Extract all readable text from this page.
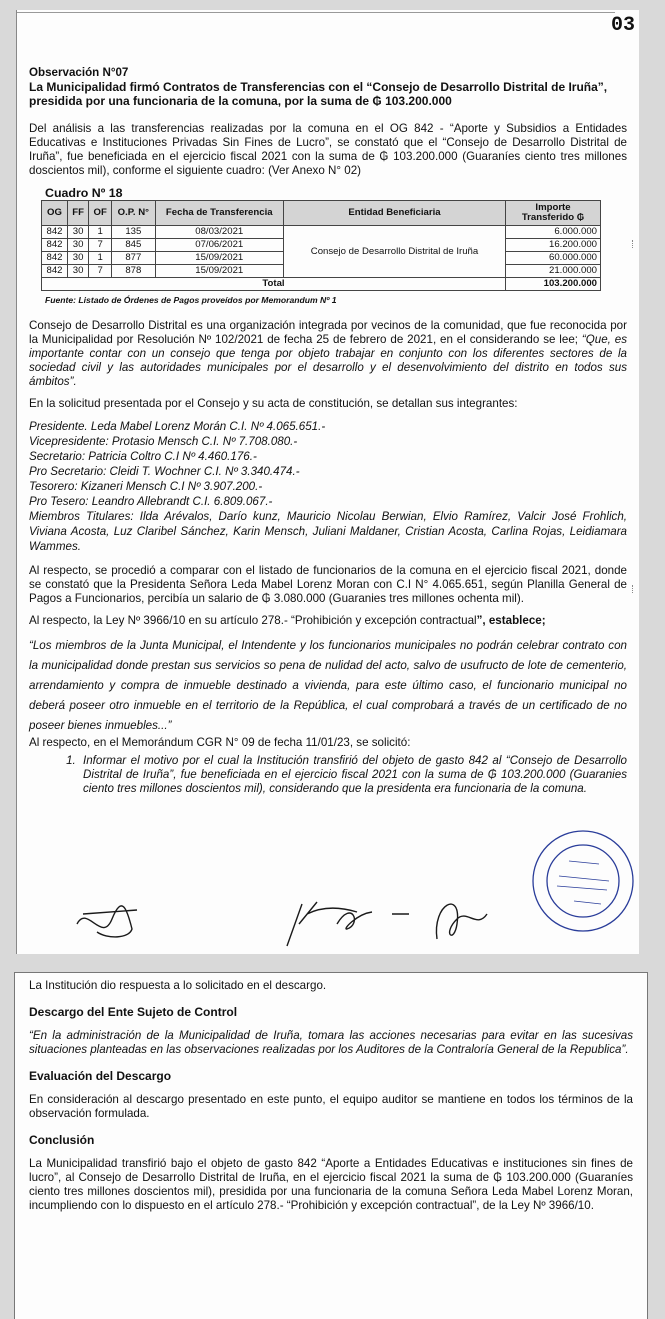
03
Observación N°07
La Municipalidad firmó Contratos de Transferencias con el “Consejo de Desarrollo Distrital de Iruña”, presidida por una funcionaria de la comuna, por la suma de ₲ 103.200.000

Del análisis a las transferencias realizadas por la comuna en el OG 842 - “Aporte y Subsidios a Entidades Educativas e Instituciones Privadas Sin Fines de Lucro”, se constató que el “Consejo de Desarrollo Distrital de Iruña”, fue beneficiada en el ejercicio fiscal 2021 con la suma de ₲ 103.200.000 (Guaraníes ciento tres millones doscientos mil), conforme el siguiente cuadro: (Ver Anexo N° 02)

Cuadro Nº 18
OG	FF	OF	O.P. N°	Fecha de Transferencia	Entidad Beneficiaria	Importe Transferido ₲
842	30	1	135	08/03/2021	Consejo de Desarrollo Distrital de Iruña	6.000.000
842	30	7	845	07/06/2021		16.200.000
842	30	1	877	15/09/2021		60.000.000
842	30	7	878	15/09/2021		21.000.000
Total						103.200.000
Fuente: Listado de Órdenes de Pagos proveídos por Memorandum Nº 1

Consejo de Desarrollo Distrital es una organización integrada por vecinos de la comunidad, que fue reconocida por la Municipalidad por Resolución Nº 102/2021 de fecha 25 de febrero de 2021, en el considerando se lee; “Que, es importante contar con un consejo que tenga por objeto trabajar en conjunto con los diferentes sectores de la sociedad civil y las autoridades municipales por el desarrollo y el desenvolvimiento del distrito en todos sus ámbitos”.

En la solicitud presentada por el Consejo y su acta de constitución, se detallan sus integrantes:

Presidente. Leda Mabel Lorenz Morán C.I. Nº 4.065.651.-

Vicepresidente: Protasio Mensch C.I. Nº 7.708.080.-

Secretario: Patricia Coltro C.I Nº 4.460.176.-

Pro Secretario: Cleidi T. Wochner C.I. Nº 3.340.474.-

Tesorero: Kizaneri Mensch C.I Nº 3.907.200.-

Pro Tesero: Leandro Allebrandt C.I. 6.809.067.-

Miembros Titulares: Ilda Arévalos, Darío kunz, Mauricio Nicolau Berwian, Elvio Ramírez, Valcir José Frohlich, Viviana Acosta, Luz Claribel Sánchez, Karin Mensch, Juliani Maldaner, Cristian Acosta, Carlina Rojas, Leidiamara Wammes.

Al respecto, se procedió a comparar con el listado de funcionarios de la comuna en el ejercicio fiscal 2021, donde se constató que la Presidenta Señora Leda Mabel Lorenz Moran con C.I N° 4.065.651, según Planilla General de Pagos a Funcionarios, percibía un salario de ₲ 3.080.000 (Guaranies tres millones ochenta mil).

Al respecto, la Ley Nº 3966/10 en su artículo 278.- “Prohibición y excepción contractual”, establece;

“Los miembros de la Junta Municipal, el Intendente y los funcionarios municipales no podrán celebrar contrato con la municipalidad donde prestan sus servicios so pena de nulidad del acto, salvo de usufructo de lote de cementerio, arrendamiento y compra de inmueble destinado a vivienda, para este último caso, el funcionario municipal no deberá poseer otro inmueble en el territorio de la República, el cual comprobará a través de un certificado de no poseer bienes inmuebles...”

Al respecto, en el Memorándum CGR N° 09 de fecha 11/01/23, se solicitó:

1. Informar el motivo por el cual la Institución transfirió del objeto de gasto 842 al “Consejo de Desarrollo Distrital de Iruña”, fue beneficiada en el ejercicio fiscal 2021 con la suma de ₲ 103.200.000 (Guaranies ciento tres millones doscientos mil), considerando que la presidenta era funcionaria de la comuna.

La Institución dio respuesta a lo solicitado en el descargo.

Descargo del Ente Sujeto de Control

“En la administración de la Municipalidad de Iruña, tomara las acciones necesarias para evitar en las sucesivas situaciones planteadas en las observaciones realizadas por los Auditores de la Contraloría General de la Republica”.

Evaluación del Descargo

En consideración al descargo presentado en este punto, el equipo auditor se mantiene en todos los términos de la observación formulada.

Conclusión

La Municipalidad transfirió bajo el objeto de gasto 842 “Aporte a Entidades Educativas e instituciones sin fines de lucro”, al Consejo de Desarrollo Distrital de Iruña, en el ejercicio fiscal 2021 la suma de ₲ 103.200.000 (Guaraníes ciento tres millones doscientos mil), presidida por una funcionaria de la comuna Señora Leda Mabel Lorenz Moran, incumpliendo con lo dispuesto en el artículo 278.- “Prohibición y excepción contractual”, de la Ley Nº 3966/10.
